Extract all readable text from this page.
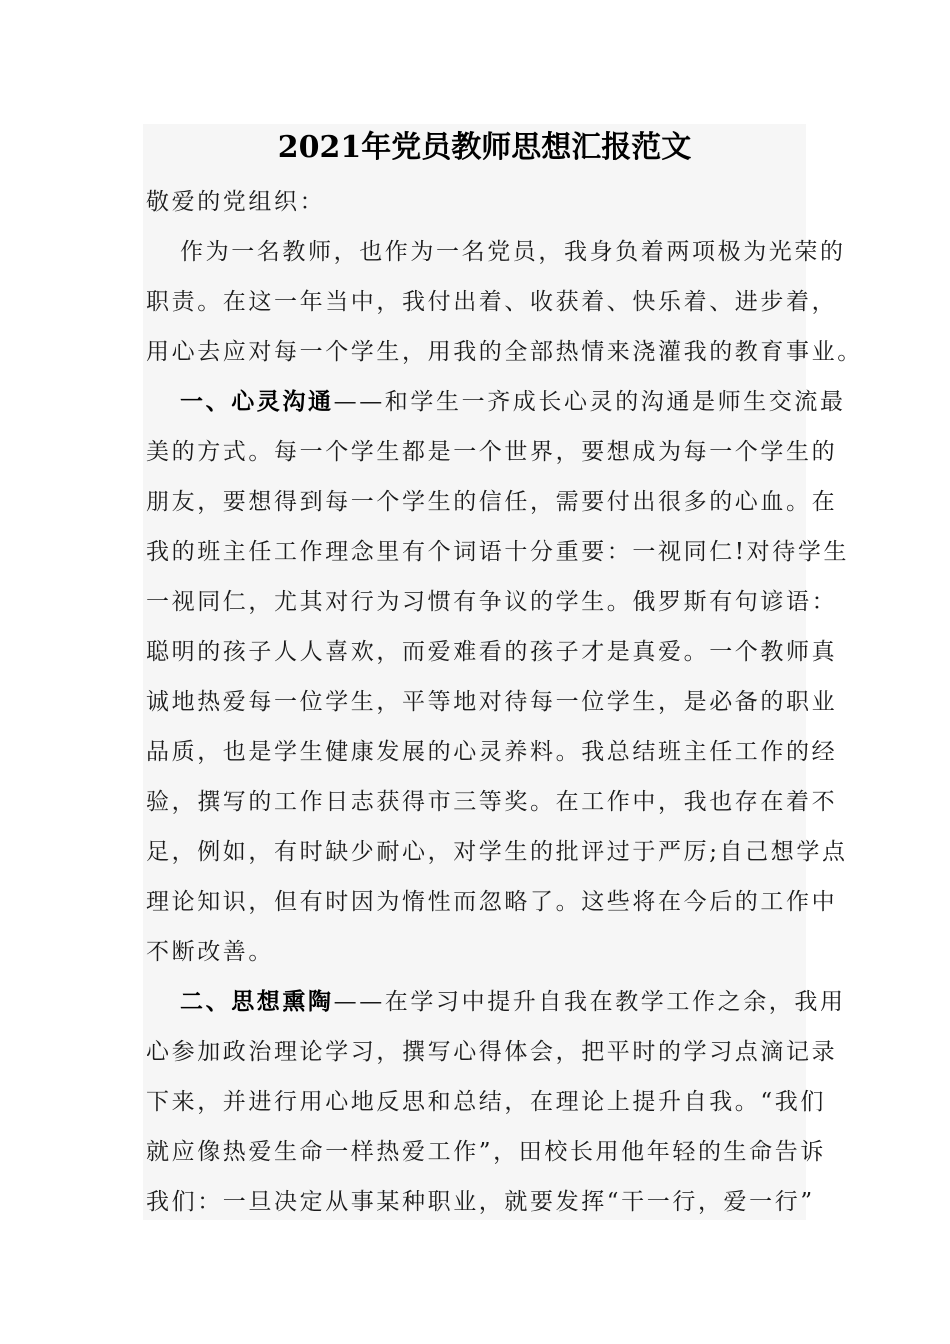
2021年党员教师思想汇报范文
敬爱的党组织：
作为一名教师，也作为一名党员，我身负着两项极为光荣的
职责。在这一年当中，我付出着、收获着、快乐着、进步着，
用心去应对每一个学生，用我的全部热情来浇灌我的教育事业。
一、心灵沟通——和学生一齐成长心灵的沟通是师生交流最
美的方式。每一个学生都是一个世界，要想成为每一个学生的
朋友，要想得到每一个学生的信任，需要付出很多的心血。在
我的班主任工作理念里有个词语十分重要：一视同仁!对待学生
一视同仁，尤其对行为习惯有争议的学生。俄罗斯有句谚语：
聪明的孩子人人喜欢，而爱难看的孩子才是真爱。一个教师真
诚地热爱每一位学生，平等地对待每一位学生，是必备的职业
品质，也是学生健康发展的心灵养料。我总结班主任工作的经
验，撰写的工作日志获得市三等奖。在工作中，我也存在着不
足，例如，有时缺少耐心，对学生的批评过于严厉;自己想学点
理论知识，但有时因为惰性而忽略了。这些将在今后的工作中
不断改善。
二、思想熏陶——在学习中提升自我在教学工作之余，我用
心参加政治理论学习，撰写心得体会，把平时的学习点滴记录
下来，并进行用心地反思和总结，在理论上提升自我。“我们
就应像热爱生命一样热爱工作”，田校长用他年轻的生命告诉
我们：一旦决定从事某种职业，就要发挥“干一行，爱一行”
